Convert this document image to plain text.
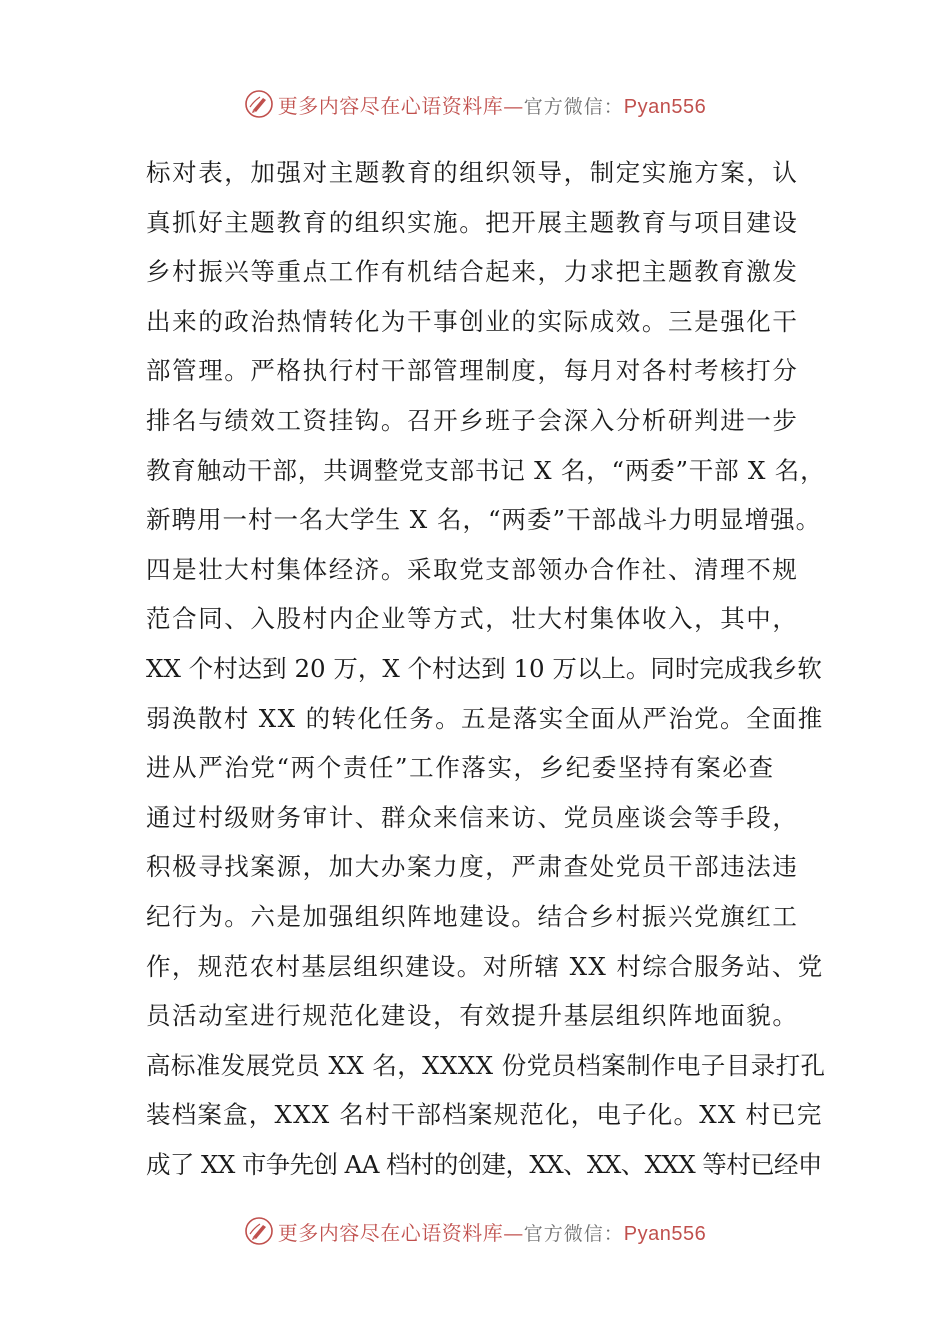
更多内容尽在心语资料库—官方微信：Pyan556
标对表，加强对主题教育的组织领导，制定实施方案，认
真抓好主题教育的组织实施。把开展主题教育与项目建设
乡村振兴等重点工作有机结合起来，力求把主题教育激发
出来的政治热情转化为干事创业的实际成效。三是强化干
部管理。严格执行村干部管理制度，每月对各村考核打分
排名与绩效工资挂钩。召开乡班子会深入分析研判进一步
教育触动干部，共调整党支部书记 X 名，“两委”干部 X 名，
新聘用一村一名大学生 X 名，“两委”干部战斗力明显增强。
四是壮大村集体经济。采取党支部领办合作社、清理不规
范合同、入股村内企业等方式，壮大村集体收入，其中，
XX 个村达到 20 万，X 个村达到 10 万以上。同时完成我乡软
弱涣散村 XX 的转化任务。五是落实全面从严治党。全面推
进从严治党“两个责任”工作落实，乡纪委坚持有案必查
通过村级财务审计、群众来信来访、党员座谈会等手段，
积极寻找案源，加大办案力度，严肃查处党员干部违法违
纪行为。六是加强组织阵地建设。结合乡村振兴党旗红工
作，规范农村基层组织建设。对所辖 XX 村综合服务站、党
员活动室进行规范化建设，有效提升基层组织阵地面貌。
高标准发展党员 XX 名，XXXX 份党员档案制作电子目录打孔
装档案盒，XXX 名村干部档案规范化，电子化。XX 村已完
成了 XX 市争先创 AA 档村的创建，XX、XX、XXX 等村已经申
更多内容尽在心语资料库—官方微信：Pyan556
